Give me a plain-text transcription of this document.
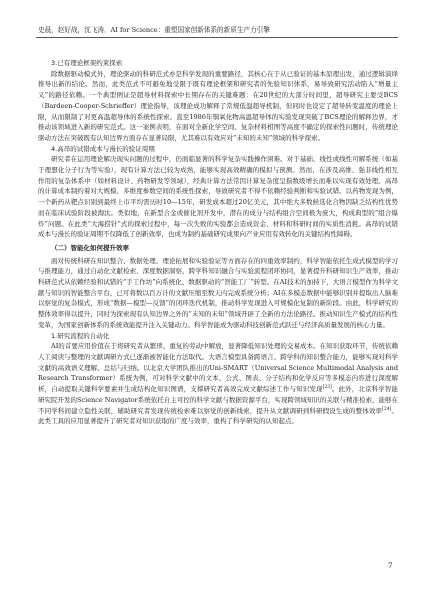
史晨，赵好战，沈飞涛．AI for Science：重塑国家创新体系的新质生产力引擎

3.已有理论框架约束探索

除数据驱动模式外，理论驱动的科研范式亦是科学发现的重要路径，其核心在于从已验证的基本原理出发，通过逻辑演绎推导出新的结论。然而，此类范式不可避免地受限于既有理论框架和研究者的先验知识体系，易导致研究活动陷入“增量主义”的路径依赖。一个典型例证是超导材料探索中长期存在的关键难题：在20世纪的大部分时间里，超导研究主要受BCS（Bardeen-Cooper-Schrieffer）理论指导，该理论成功解释了常规低温超导机制，但同时也设定了超导转变温度的理论上限，从而限制了对更高温超导体的系统性探索。直至1986年铜氧化物高温超导体的实验发现突破了BCS理论的解释边界，才推动该领域进入新的研究范式。这一案例表明，在面对全新化学空间、复杂材料相图等高度不确定的探索性问题时，传统理论驱动方法在突破既有认知边界方面存在显著局限，尤其难以有效应对“未知的未知”领域的科学探索。

4.高昂的试错成本与漫长的验证周期

研究者在运用理论解决现实问题的过程中，仍面临显著的科学复杂实践操作困难。对于基础、线性或线性可解系统（如基于理想化分子行为等实验），现有计算方法已较为成熟，能够实现高效精确的模拟与预测。然而，在涉及高维、强非线性相互作用的复杂体系中（如材料设计、药物研发等领域），经典计算方法常因计算复杂度呈指数级增长而难以实现有效处理。高昂的计算成本制约着对大规模、多维度参数空间的系统性探索，导致研究者不得不依赖经验判断和实验试错。以药物发现为例，一个新药从靶点识别到最终上市平均需历时10—15年，研发成本超过20亿美元，其中绝大多数候选化合物因缺乏结构性优势而在临床试验阶段被淘汰。类似地，在新型合金或催化剂开发中，潜在的成分与结构组合空间极为庞大，构成典型的“组合爆炸”问题。在此类“大海捞针”式的探索过程中，每一次失败的实验都会造成资金、材料和科研时间的实质性消耗。高昂的试错成本与漫长的验证周期不仅降低了创新效率，也成为制约基础研究成果向产业应用有效转化的关键结构性障碍。

（二）智能化如何提升效率

面对传统科研在知识整合、数据处理、理论拓展和实验验证等方面存在的四重效率制约，科学智能依托生成式模型的学习与推理能力，通过自动化文献检索、深度数据洞察、跨学科知识融合与实验流程闭环协同，显著提升科研知识生产效率，推动科研范式从依赖经验和试错的“手工作坊”向系统化、数据驱动的“智能工厂”转型。在AI技术的加持下，大语言模型作为科学文献与知识的智能整合平台，已可将数以百万计的文献压缩至数天内完成系统分析；AI在多模态数据中能够识别并提取出人脑难以察觉的复杂模式，形成“数据—模型—反馈”的闭环迭代机制，推动科学发现进入可规模化复制的新阶段。由此，科学研究的整体效率得以提升，同时为探索现有认知边界之外的“未知的未知”领域开辟了全新的方法论路径。推动知识生产模式的结构性变革，为国家创新体系的系统效能提升注入关键动力。科学智能成为驱动科技创新范式跃迁与经济高质量发展的核心力量。

1.研究流程的自动化

AI的首要应用价值在于将研究者从繁琐、重复的劳动中解放，显著降低知识处理的交易成本。在知识获取环节，传统依赖人工阅读与整理的文献调研方式已逐渐被智能化方法取代。大语言模型具备跨语言、跨学科的知识整合能力，能够实现对科学文献的高效语义理解、总结与归纳。以北京大学团队推出的Uni-SMART（Universal Science Multimodal Analysis and Research Transformer）系统为例，可对科学文献中的文本、公式、图表、分子结构和化学反应等多模态内容进行深度解析，自动提取关键科学要素并生成结构化知识图谱，支撑研究者高效完成文献综述工作与知识发现[23]。此外，北京科学智能研究院开发的Science Navigator系统依托自主可控的科学文献与数据资源平台，实现跨领域知识的关联与精准检索，能够在不同学科间建立隐性关联，辅助研究者发现传统检索难以察觉的创新线索，提升从文献调研到科研假设生成的整体效率[24]。此类工具的应用显著提升了研究者对知识获取的广度与效率，重构了科学研究的认知起点。

7
